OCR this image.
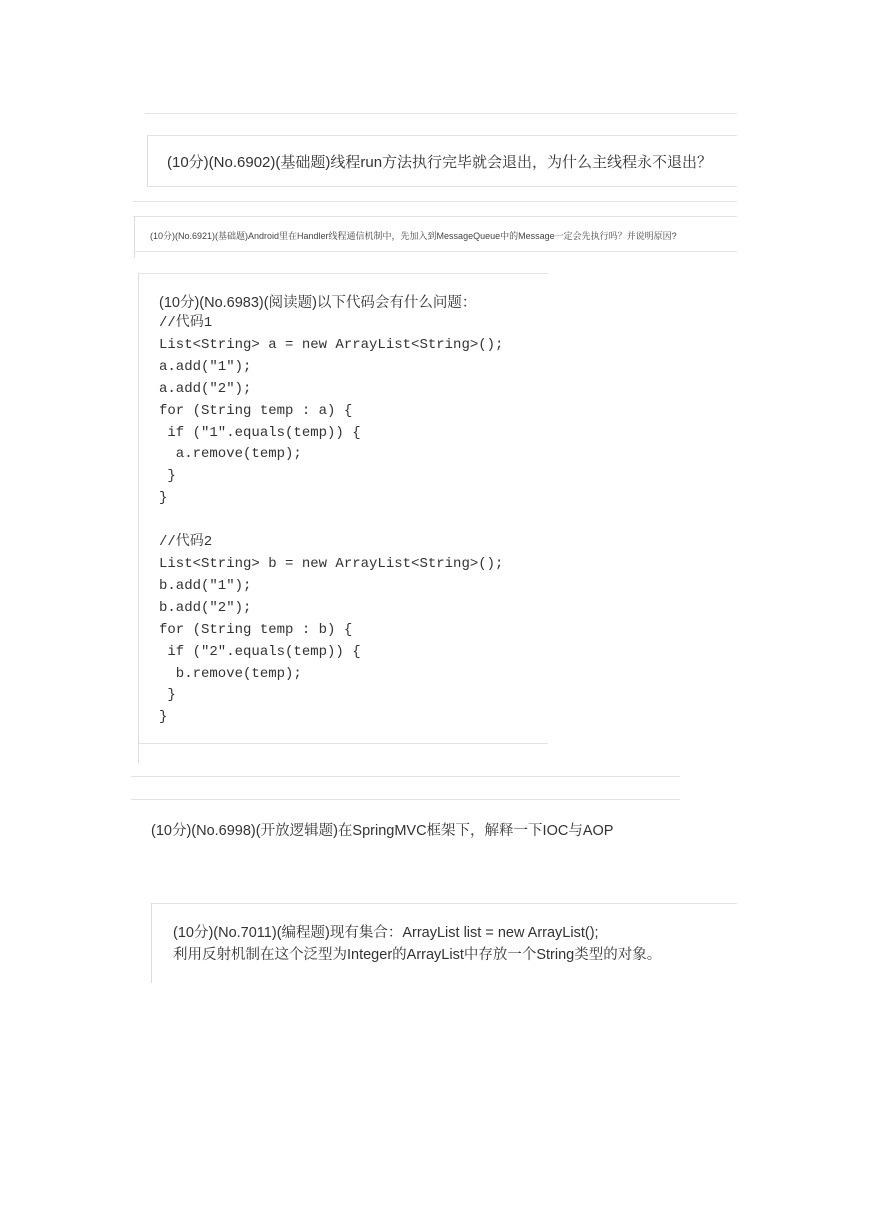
(10分)(No.6902)(基础题)线程run方法执行完毕就会退出，为什么主线程永不退出？
(10分)(No.6921)(基础题)Android里在Handler线程通信机制中，先加入到MessageQueue中的Message一定会先执行吗？并说明原因?
(10分)(No.6983)(阅读题)以下代码会有什么问题：
//代码1
List<String> a = new ArrayList<String>();
a.add("1");
a.add("2");
for (String temp : a) {
if ("1".equals(temp)) {
a.remove(temp);
}
}

//代码2
List<String> b = new ArrayList<String>();
b.add("1");
b.add("2");
for (String temp : b) {
if ("2".equals(temp)) {
b.remove(temp);
}
}

(10分)(No.6998)(开放逻辑题)在SpringMVC框架下，解释一下IOC与AOP
(10分)(No.7011)(编程题)现有集合：ArrayList list = new ArrayList();
利用反射机制在这个泛型为Integer的ArrayList中存放一个String类型的对象。
